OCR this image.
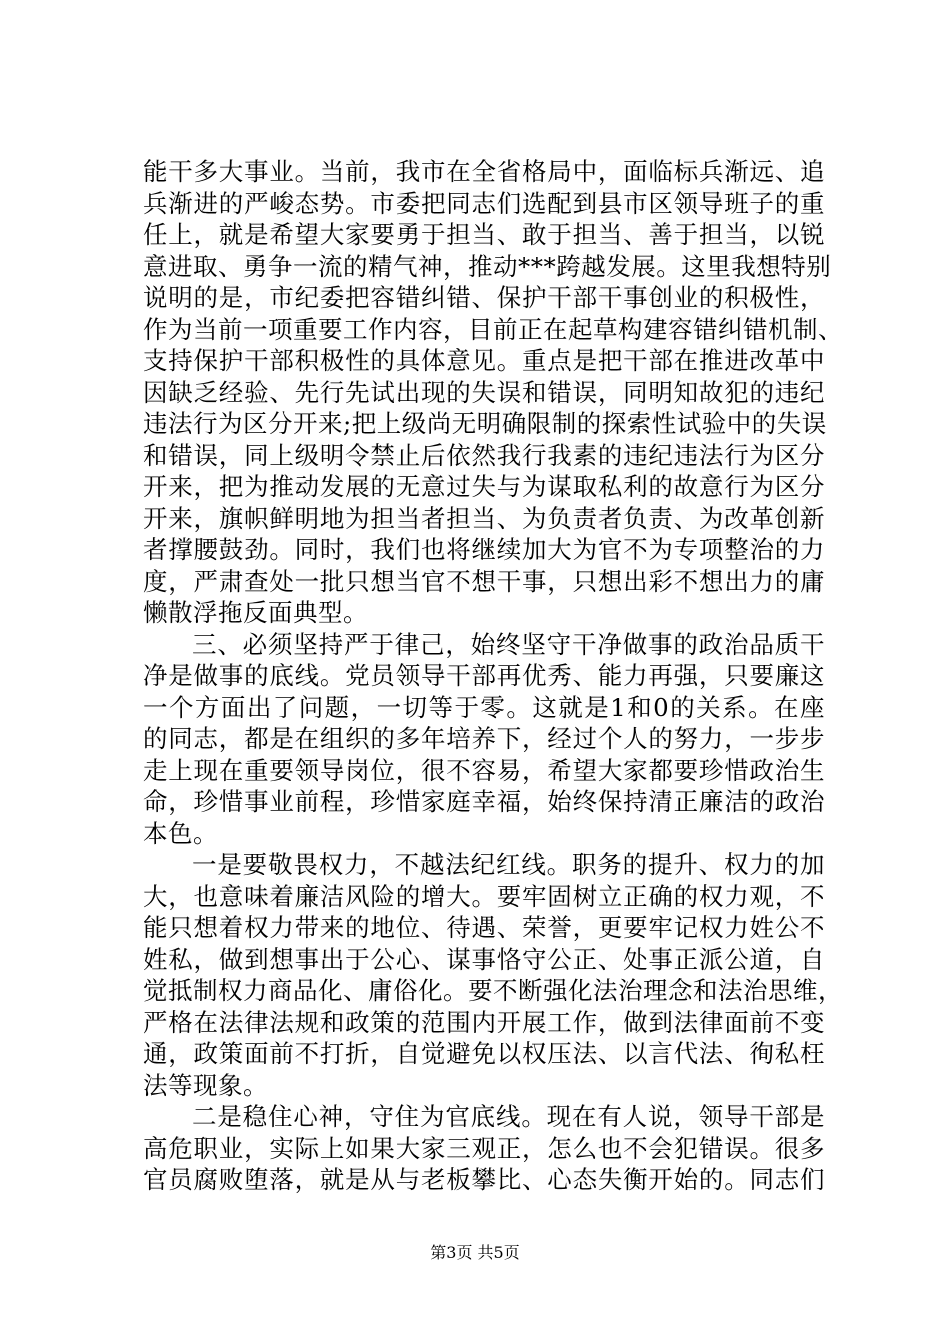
能干多大事业。当前，我市在全省格局中，面临标兵渐远、追
兵渐进的严峻态势。市委把同志们选配到县市区领导班子的重
任上，就是希望大家要勇于担当、敢于担当、善于担当，以锐
意进取、勇争一流的精气神，推动***跨越发展。这里我想特别
说明的是，市纪委把容错纠错、保护干部干事创业的积极性，
作为当前一项重要工作内容，目前正在起草构建容错纠错机制、
支持保护干部积极性的具体意见。重点是把干部在推进改革中
因缺乏经验、先行先试出现的失误和错误，同明知故犯的违纪
违法行为区分开来;把上级尚无明确限制的探索性试验中的失误
和错误，同上级明令禁止后依然我行我素的违纪违法行为区分
开来，把为推动发展的无意过失与为谋取私利的故意行为区分
开来，旗帜鲜明地为担当者担当、为负责者负责、为改革创新
者撑腰鼓劲。同时，我们也将继续加大为官不为专项整治的力
度，严肃查处一批只想当官不想干事，只想出彩不想出力的庸
懒散浮拖反面典型。
三、必须坚持严于律己，始终坚守干净做事的政治品质干
净是做事的底线。党员领导干部再优秀、能力再强，只要廉这
一个方面出了问题，一切等于零。这就是1和0的关系。在座
的同志，都是在组织的多年培养下，经过个人的努力，一步步
走上现在重要领导岗位，很不容易，希望大家都要珍惜政治生
命，珍惜事业前程，珍惜家庭幸福，始终保持清正廉洁的政治
本色。
一是要敬畏权力，不越法纪红线。职务的提升、权力的加
大，也意味着廉洁风险的增大。要牢固树立正确的权力观，不
能只想着权力带来的地位、待遇、荣誉，更要牢记权力姓公不
姓私，做到想事出于公心、谋事恪守公正、处事正派公道，自
觉抵制权力商品化、庸俗化。要不断强化法治理念和法治思维，
严格在法律法规和政策的范围内开展工作，做到法律面前不变
通，政策面前不打折，自觉避免以权压法、以言代法、徇私枉
法等现象。
二是稳住心神，守住为官底线。现在有人说，领导干部是
高危职业，实际上如果大家三观正，怎么也不会犯错误。很多
官员腐败堕落，就是从与老板攀比、心态失衡开始的。同志们
第3页 共5页
